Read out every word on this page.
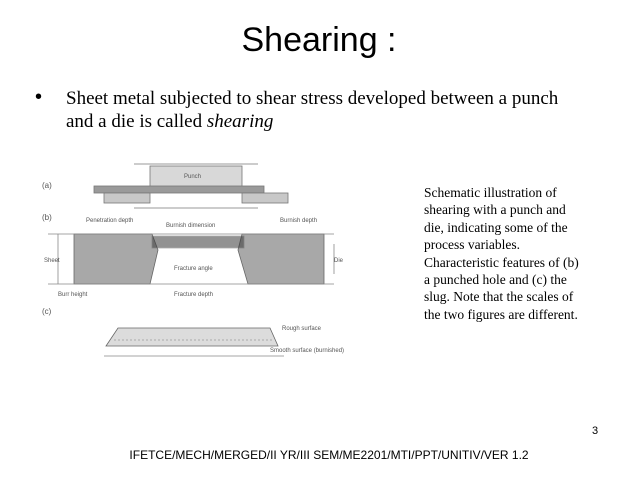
Shearing :
• Sheet metal subjected to shear stress developed between a punch and a die is called shearing
(a)
Punch
(b)	Penetration depth
Burnish dimension
Burnish depth
Sheet
Fracture angle
Burr height	Fracture depth
Die
(c)
Rough surface
Smooth surface (burnished)
Schematic illustration of
shearing with a punch and
die, indicating some of the
process variables.
Characteristic features of (b)
a punched hole and (c) the
slug. Note that the scales of
the two figures are different.
3
IFETCE/MECH/MERGED/II YR/III SEM/ME2201/MTI/PPT/UNITIV/VER 1.2
